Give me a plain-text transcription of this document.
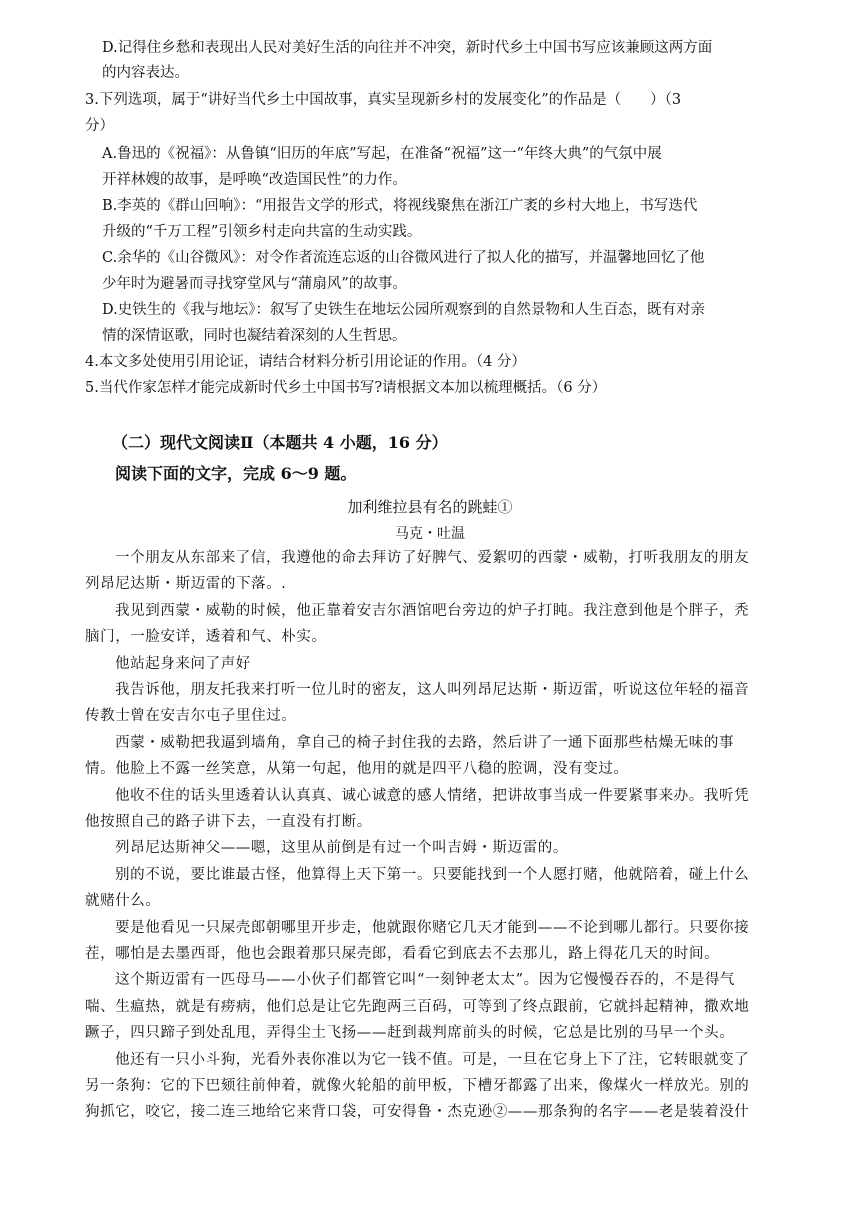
D.记得住乡愁和表现出人民对美好生活的向往并不冲突，新时代乡土中国书写应该兼顾这两方面
的内容表达。
3.下列选项，属于“讲好当代乡土中国故事，真实呈现新乡村的发展变化”的作品是（　　）（3
分）
A.鲁迅的《祝福》：从鲁镇“旧历的年底”写起，在准备“祝福”这一“年终大典”的气氛中展
开祥林嫂的故事，是呼唤“改造国民性”的力作。
B.李英的《群山回响》：“用报告文学的形式，将视线聚焦在浙江广袤的乡村大地上，书写迭代
升级的“千万工程”引领乡村走向共富的生动实践。
C.余华的《山谷微风》：对令作者流连忘返的山谷微风进行了拟人化的描写，并温馨地回忆了他
少年时为避暑而寻找穿堂风与“蒲扇风”的故事。
D.史铁生的《我与地坛》：叙写了史铁生在地坛公园所观察到的自然景物和人生百态，既有对亲
情的深情讴歌，同时也凝结着深刻的人生哲思。
4.本文多处使用引用论证，请结合材料分析引用论证的作用。（4 分）
5.当代作家怎样才能完成新时代乡土中国书写?请根据文本加以梳理概括。（6 分）
（二）现代文阅读Ⅱ（本题共 4 小题，16 分）
阅读下面的文字，完成 6～9 题。
加利维拉县有名的跳蛙①
马克・吐温
一个朋友从东部来了信，我遵他的命去拜访了好脾气、爱絮叨的西蒙・威勒，打听我朋友的朋友
列昂尼达斯・斯迈雷的下落。.
我见到西蒙・威勒的时候，他正靠着安吉尔酒馆吧台旁边的炉子打盹。我注意到他是个胖子，秃
脑门，一脸安详，透着和气、朴实。
他站起身来问了声好
我告诉他，朋友托我来打听一位儿时的密友，这人叫列昂尼达斯・斯迈雷，听说这位年轻的福音
传教士曾在安吉尔屯子里住过。
西蒙・威勒把我逼到墙角，拿自己的椅子封住我的去路，然后讲了一通下面那些枯燥无味的事
情。他脸上不露一丝笑意，从第一句起，他用的就是四平八稳的腔调，没有变过。
他收不住的话头里透着认认真真、诚心诚意的感人情绪，把讲故事当成一件要紧事来办。我听凭
他按照自己的路子讲下去，一直没有打断。
列昂尼达斯神父——嗯，这里从前倒是有过一个叫吉姆・斯迈雷的。
别的不说，要比谁最古怪，他算得上天下第一。只要能找到一个人愿打赌，他就陪着，碰上什么
就赌什么。
要是他看见一只屎壳郎朝哪里开步走，他就跟你赌它几天才能到——不论到哪儿都行。只要你接
茬，哪怕是去墨西哥，他也会跟着那只屎壳郎，看看它到底去不去那儿，路上得花几天的时间。
这个斯迈雷有一匹母马——小伙子们都管它叫“一刻钟老太太”。因为它慢慢吞吞的，不是得气
喘、生瘟热，就是有痨病，他们总是让它先跑两三百码，可等到了终点跟前，它就抖起精神，撒欢地
蹶子，四只蹄子到处乱甩，弄得尘土飞扬——赶到裁判席前头的时候，它总是比别的马早一个头。
他还有一只小斗狗，光看外表你准以为它一钱不值。可是，一旦在它身上下了注，它转眼就变了
另一条狗：它的下巴颏往前伸着，就像火轮船的前甲板，下槽牙都露了出来，像煤火一样放光。别的
狗抓它，咬它，接二连三地给它来背口袋，可安得鲁・杰克逊②——那条狗的名字——老是装着没什
